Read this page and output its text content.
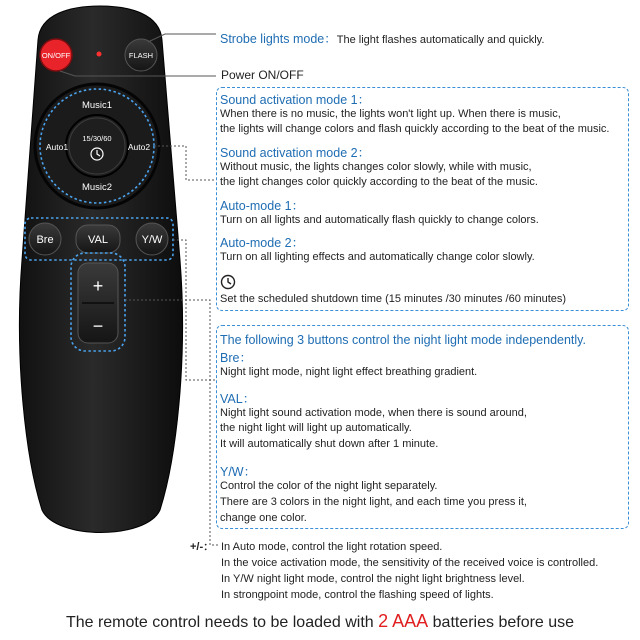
ON/OFF	FLASH
Music1
Music2
Auto1	Auto2
15/30/60
Bre	VAL	Y/W
+
−
Strobe lights mode：The light flashes automatically and quickly.
Power ON/OFF
Sound activation mode 1：
When there is no music, the lights won't light up. When there is music,
the lights will change colors and flash quickly according to the beat of the music.
Sound activation mode 2：
Without music, the lights changes color slowly, while with music,
the light changes color quickly according to the beat of the music.
Auto-mode 1：
Turn on all lights and automatically flash quickly to change colors.
Auto-mode 2：
Turn on all lighting effects and automatically change color slowly.
Set the scheduled shutdown time (15 minutes /30 minutes /60 minutes)
The following 3 buttons control the night light mode independently.
Bre：
Night light mode, night light effect breathing gradient.
VAL：
Night light sound activation mode, when there is sound around,
the night light will light up automatically.
It will automatically shut down after 1 minute.
Y/W：
Control the color of the night light separately.
There are 3 colors in the night light, and each time you press it,
change one color.
+/-： In Auto mode, control the light rotation speed.
In the voice activation mode, the sensitivity of the received voice is controlled.
In Y/W night light mode, control the night light brightness level.
In strongpoint mode, control the flashing speed of lights.
The remote control needs to be loaded with 2 AAA batteries before use
